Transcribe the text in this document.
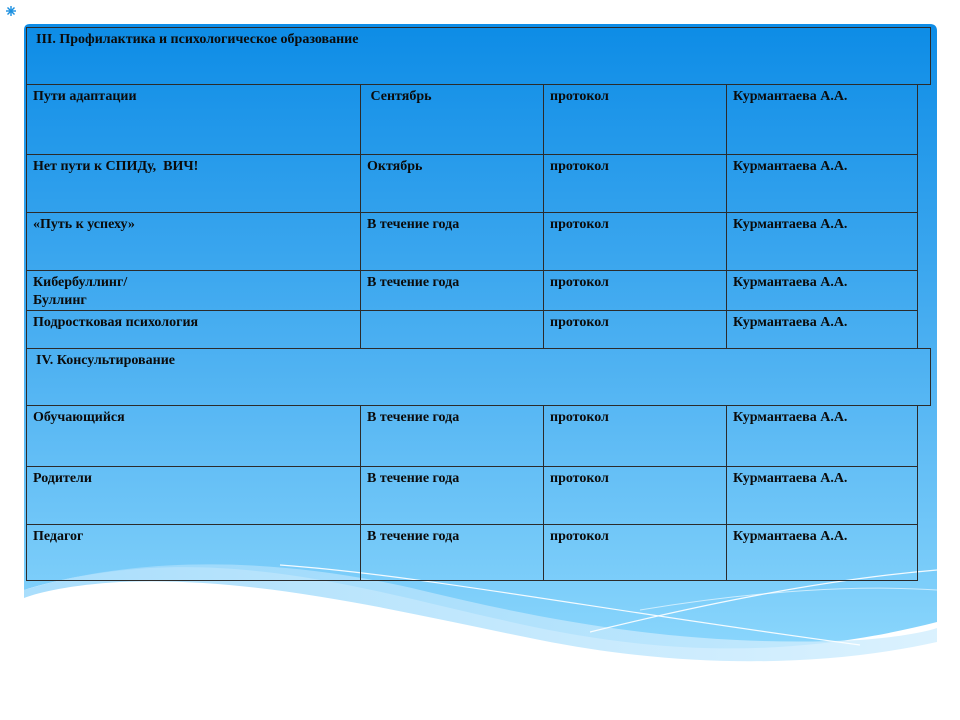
III. Профилактика и психологическое образование				
Пути адаптации	Сентябрь	протокол	Курмантаева А.А.	
Нет пути к СПИДу,  ВИЧ!	Октябрь	протокол	Курмантаева А.А.	
«Путь к успеху»	В течение года	протокол	Курмантаева А.А.	
Кибербуллинг/
Буллинг	В течение года	протокол	Курмантаева А.А.	
Подростковая психология		протокол	Курмантаева А.А.	
IV. Консультирование				
Обучающийся	В течение года	протокол	Курмантаева А.А.	
Родители	В течение года	протокол	Курмантаева А.А.	
Педагог	В течение года	протокол	Курмантаева А.А.	
